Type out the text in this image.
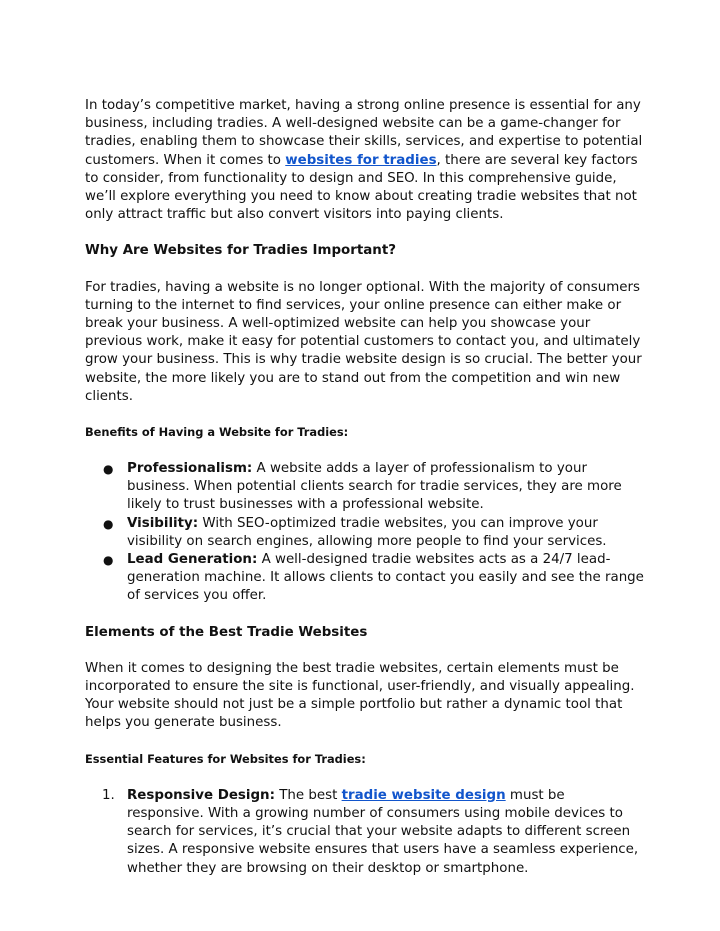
In today’s competitive market, having a strong online presence is essential for any business, including tradies. A well-designed website can be a game-changer for tradies, enabling them to showcase their skills, services, and expertise to potential customers. When it comes to websites for tradies, there are several key factors to consider, from functionality to design and SEO. In this comprehensive guide, we’ll explore everything you need to know about creating tradie websites that not only attract traffic but also convert visitors into paying clients.

Why Are Websites for Tradies Important?

For tradies, having a website is no longer optional. With the majority of consumers turning to the internet to find services, your online presence can either make or break your business. A well-optimized website can help you showcase your previous work, make it easy for potential customers to contact you, and ultimately grow your business. This is why tradie website design is so crucial. The better your website, the more likely you are to stand out from the competition and win new clients.

Benefits of Having a Website for Tradies:

●	Professionalism: A website adds a layer of professionalism to your business. When potential clients search for tradie services, they are more likely to trust businesses with a professional website.
●	Visibility: With SEO-optimized tradie websites, you can improve your visibility on search engines, allowing more people to find your services.
●	Lead Generation: A well-designed tradie websites acts as a 24/7 lead-generation machine. It allows clients to contact you easily and see the range of services you offer.

Elements of the Best Tradie Websites

When it comes to designing the best tradie websites, certain elements must be incorporated to ensure the site is functional, user-friendly, and visually appealing. Your website should not just be a simple portfolio but rather a dynamic tool that helps you generate business.

Essential Features for Websites for Tradies:

1. Responsive Design: The best tradie website design must be responsive. With a growing number of consumers using mobile devices to search for services, it’s crucial that your website adapts to different screen sizes. A responsive website ensures that users have a seamless experience, whether they are browsing on their desktop or smartphone.
